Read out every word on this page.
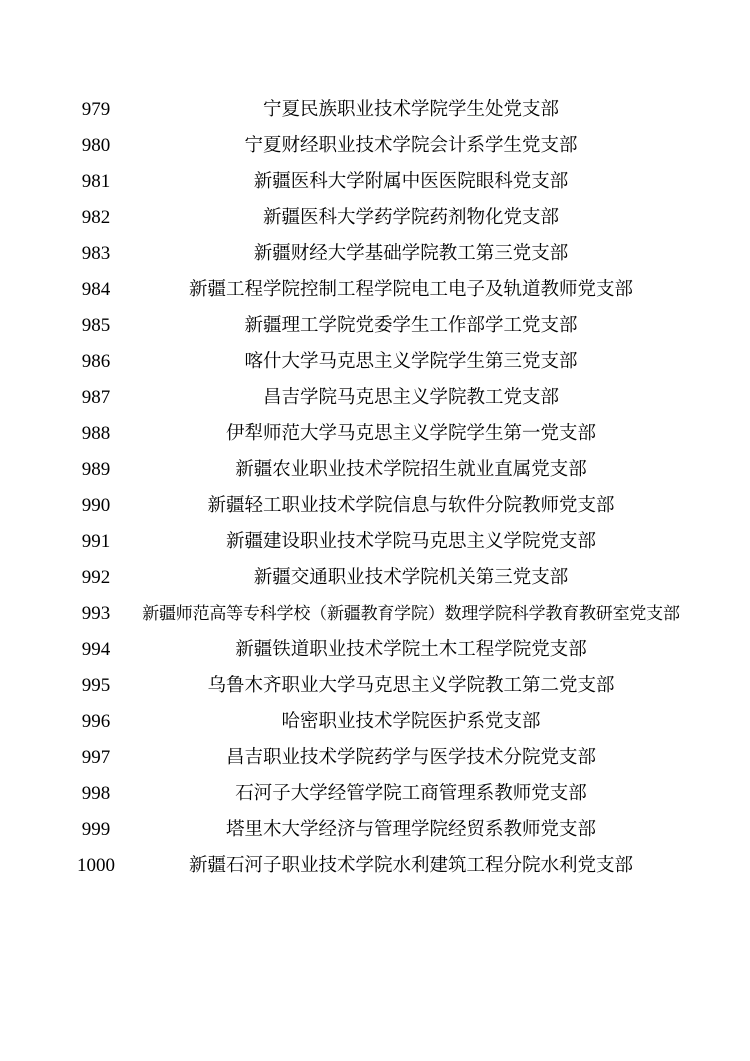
979	宁夏民族职业技术学院学生处党支部
980	宁夏财经职业技术学院会计系学生党支部
981	新疆医科大学附属中医医院眼科党支部
982	新疆医科大学药学院药剂物化党支部
983	新疆财经大学基础学院教工第三党支部
984	新疆工程学院控制工程学院电工电子及轨道教师党支部
985	新疆理工学院党委学生工作部学工党支部
986	喀什大学马克思主义学院学生第三党支部
987	昌吉学院马克思主义学院教工党支部
988	伊犁师范大学马克思主义学院学生第一党支部
989	新疆农业职业技术学院招生就业直属党支部
990	新疆轻工职业技术学院信息与软件分院教师党支部
991	新疆建设职业技术学院马克思主义学院党支部
992	新疆交通职业技术学院机关第三党支部
993	新疆师范高等专科学校（新疆教育学院）数理学院科学教育教研室党支部
994	新疆铁道职业技术学院土木工程学院党支部
995	乌鲁木齐职业大学马克思主义学院教工第二党支部
996	哈密职业技术学院医护系党支部
997	昌吉职业技术学院药学与医学技术分院党支部
998	石河子大学经管学院工商管理系教师党支部
999	塔里木大学经济与管理学院经贸系教师党支部
1000	新疆石河子职业技术学院水利建筑工程分院水利党支部
